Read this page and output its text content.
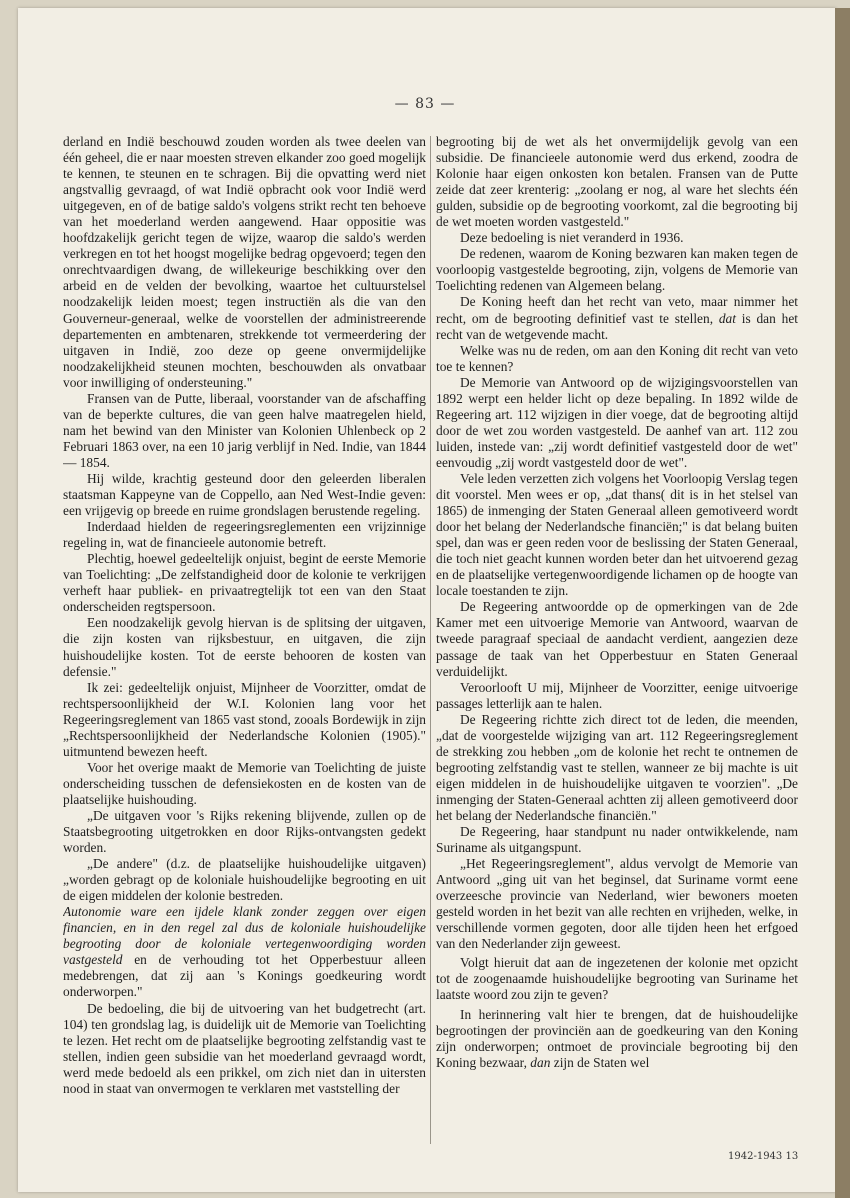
— 83 —

derland en Indië beschouwd zouden worden als twee deelen van één geheel, die er naar moesten streven elkander zoo goed mogelijk te kennen, te steunen en te schragen. Bij die opvatting werd niet angstvallig gevraagd, of wat Indië opbracht ook voor Indië werd uitgegeven, en of de batige saldo's volgens strikt recht ten behoeve van het moederland werden aangewend. Haar oppositie was hoofdzakelijk gericht tegen de wijze, waarop die saldo's werden verkregen en tot het hoogst mogelijke bedrag opgevoerd; tegen den onrechtvaardigen dwang, de willekeurige beschikking over den arbeid en de velden der bevolking, waartoe het cultuurstelsel noodzakelijk leiden moest; tegen instructiën als die van den Gouverneur-generaal, welke de voorstellen der administreerende departementen en ambtenaren, strekkende tot vermeerdering der uitgaven in Indië, zoo deze op geene onvermijdelijke noodzakelijkheid steunen mochten, beschouwden als onvatbaar voor inwilliging of ondersteuning."

Fransen van de Putte, liberaal, voorstander van de afschaffing van de beperkte cultures, die van geen halve maatregelen hield, nam het bewind van den Minister van Kolonien Uhlenbeck op 2 Februari 1863 over, na een 10 jarig verblijf in Ned. Indie, van 1844 — 1854.

Hij wilde, krachtig gesteund door den geleerden liberalen staatsman Kappeyne van de Coppello, aan Ned West-Indie geven: een vrijgevig op breede en ruime grondslagen berustende regeling.

Inderdaad hielden de regeeringsreglementen een vrijzinnige regeling in, wat de financieele autonomie betreft.

Plechtig, hoewel gedeeltelijk onjuist, begint de eerste Memorie van Toelichting: „De zelfstandigheid door de kolonie te verkrijgen verheft haar publiek- en privaatregtelijk tot een van den Staat onderscheiden regtspersoon.

Een noodzakelijk gevolg hiervan is de splitsing der uitgaven, die zijn kosten van rijksbestuur, en uitgaven, die zijn huishoudelijke kosten. Tot de eerste behooren de kosten van defensie."

Ik zei: gedeeltelijk onjuist, Mijnheer de Voorzitter, omdat de rechtspersoonlijkheid der W.I. Kolonien lang voor het Regeeringsreglement van 1865 vast stond, zooals Bordewijk in zijn „Rechtspersoonlijkheid der Nederlandsche Kolonien (1905)." uitmuntend bewezen heeft.

Voor het overige maakt de Memorie van Toelichting de juiste onderscheiding tusschen de defensiekosten en de kosten van de plaatselijke huishouding.

„De uitgaven voor 's Rijks rekening blijvende, zullen op de Staatsbegrooting uitgetrokken en door Rijks-ontvangsten gedekt worden.

„De andere" (d.z. de plaatselijke huishoudelijke uitgaven) „worden gebragt op de koloniale huishoudelijke begrooting en uit de eigen middelen der kolonie bestreden.

Autonomie ware een ijdele klank zonder zeggen over eigen financien, en in den regel zal dus de koloniale huishoudelijke begrooting door de koloniale vertegenwoordiging worden vastgesteld en de verhouding tot het Opperbestuur alleen medebrengen, dat zij aan 's Konings goedkeuring wordt onderworpen."

De bedoeling, die bij de uitvoering van het budgetrecht (art. 104) ten grondslag lag, is duidelijk uit de Memorie van Toelichting te lezen. Het recht om de plaatselijke begrooting zelfstandig vast te stellen, indien geen subsidie van het moederland gevraagd wordt, werd mede bedoeld als een prikkel, om zich niet dan in uitersten nood in staat van onvermogen te verklaren met vaststelling der

begrooting bij de wet als het onvermijdelijk gevolg van een subsidie. De financieele autonomie werd dus erkend, zoodra de Kolonie haar eigen onkosten kon betalen. Fransen van de Putte zeide dat zeer krenterig: „zoolang er nog, al ware het slechts één gulden, subsidie op de begrooting voorkomt, zal die begrooting bij de wet moeten worden vastgesteld."

Deze bedoeling is niet veranderd in 1936.

De redenen, waarom de Koning bezwaren kan maken tegen de voorloopig vastgestelde begrooting, zijn, volgens de Memorie van Toelichting redenen van Algemeen belang.

De Koning heeft dan het recht van veto, maar nimmer het recht, om de begrooting definitief vast te stellen, dat is dan het recht van de wetgevende macht.

Welke was nu de reden, om aan den Koning dit recht van veto toe te kennen?

De Memorie van Antwoord op de wijzigingsvoorstellen van 1892 werpt een helder licht op deze bepaling. In 1892 wilde de Regeering art. 112 wijzigen in dier voege, dat de begrooting altijd door de wet zou worden vastgesteld. De aanhef van art. 112 zou luiden, instede van: „zij wordt definitief vastgesteld door de wet" eenvoudig „zij wordt vastgesteld door de wet".

Vele leden verzetten zich volgens het Voorloopig Verslag tegen dit voorstel. Men wees er op, „dat thans( dit is in het stelsel van 1865) de inmenging der Staten Generaal alleen gemotiveerd wordt door het belang der Nederlandsche financiën;" is dat belang buiten spel, dan was er geen reden voor de beslissing der Staten Generaal, die toch niet geacht kunnen worden beter dan het uitvoerend gezag en de plaatselijke vertegenwoordigende lichamen op de hoogte van locale toestanden te zijn.

De Regeering antwoordde op de opmerkingen van de 2de Kamer met een uitvoerige Memorie van Antwoord, waarvan de tweede paragraaf speciaal de aandacht verdient, aangezien deze passage de taak van het Opperbestuur en Staten Generaal verduidelijkt.

Veroorlooft U mij, Mijnheer de Voorzitter, eenige uitvoerige passages letterlijk aan te halen.

De Regeering richtte zich direct tot de leden, die meenden, „dat de voorgestelde wijziging van art. 112 Regeeringsreglement de strekking zou hebben „om de kolonie het recht te ontnemen de begrooting zelfstandig vast te stellen, wanneer ze bij machte is uit eigen middelen in de huishoudelijke uitgaven te voorzien". „De inmenging der Staten-Generaal achtten zij alleen gemotiveerd door het belang der Nederlandsche financiën."

De Regeering, haar standpunt nu nader ontwikkelende, nam Suriname als uitgangspunt.

„Het Regeeringsreglement", aldus vervolgt de Memorie van Antwoord „ging uit van het beginsel, dat Suriname vormt eene overzeesche provincie van Nederland, wier bewoners moeten gesteld worden in het bezit van alle rechten en vrijheden, welke, in verschillende vormen gegoten, door alle tijden heen het erfgoed van den Nederlander zijn geweest.

Volgt hieruit dat aan de ingezetenen der kolonie met opzicht tot de zoogenaamde huishoudelijke begrooting van Suriname het laatste woord zou zijn te geven?

In herinnering valt hier te brengen, dat de huishoudelijke begrootingen der provinciën aan de goedkeuring van den Koning zijn onderworpen; ontmoet de provinciale begrooting bij den Koning bezwaar, dan zijn de Staten wel

1942-1943 13
